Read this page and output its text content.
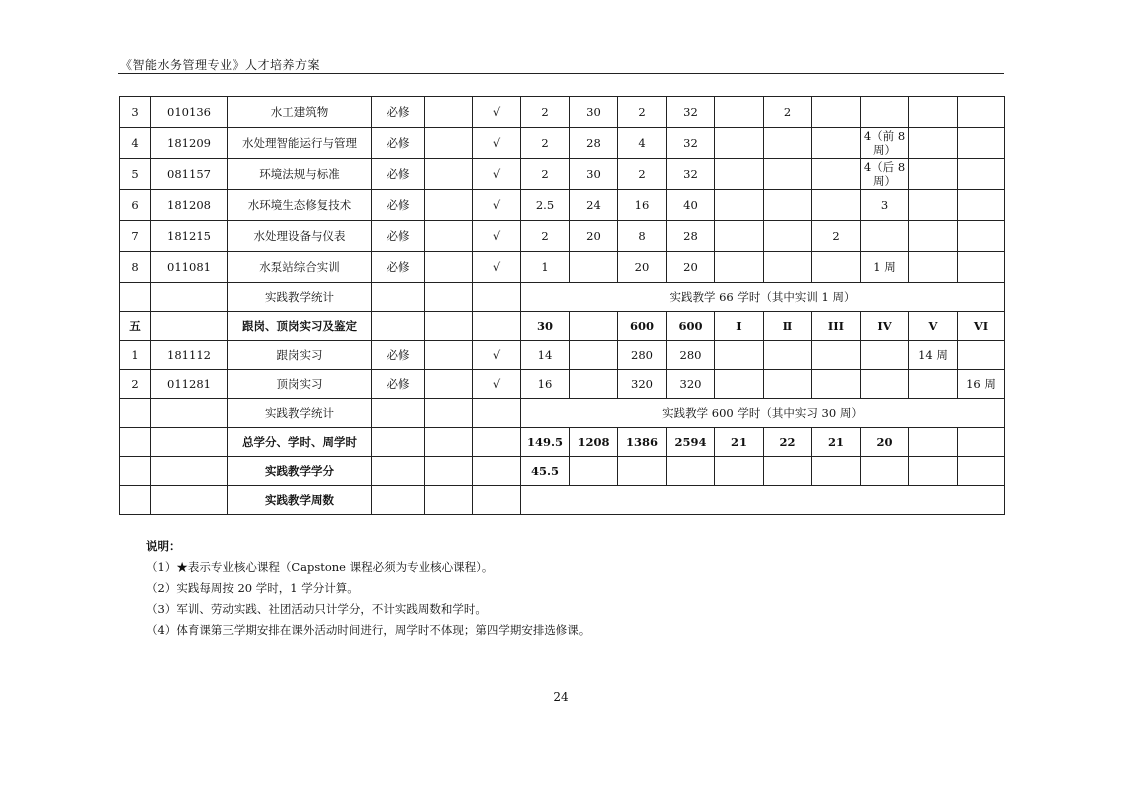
《智能水务管理专业》人才培养方案
3	010136	水工建筑物	必修		√	2	30	2	32		2				
4	181209	水处理智能运行与管理	必修		√	2	28	4	32				4（前 8 周）		
5	081157	环境法规与标准	必修		√	2	30	2	32				4（后 8 周）		
6	181208	水环境生态修复技术	必修		√	2.5	24	16	40				3		
7	181215	水处理设备与仪表	必修		√	2	20	8	28			2			
8	011081	水泵站综合实训	必修		√	1		20	20				1 周		
		实践教学统计				实践教学 66 学时（其中实训 1 周）									
五		跟岗、顶岗实习及鉴定				30		600	600	Ⅰ	Ⅱ	III	IV	V	VI
1	181112	跟岗实习	必修		√	14		280	280					14 周	
2	011281	顶岗实习	必修		√	16		320	320						16 周
		实践教学统计				实践教学 600 学时（其中实习 30 周）									
		总学分、学时、周学时				149.5	1208	1386	2594	21	22	21	20		
		实践教学学分				45.5									
		实践教学周数													
说明：
（1）★表示专业核心课程（Capstone 课程必须为专业核心课程）。
（2）实践每周按 20 学时，1 学分计算。
（3）军训、劳动实践、社团活动只计学分，不计实践周数和学时。
（4）体育课第三学期安排在课外活动时间进行，周学时不体现；第四学期安排选修课。
24
